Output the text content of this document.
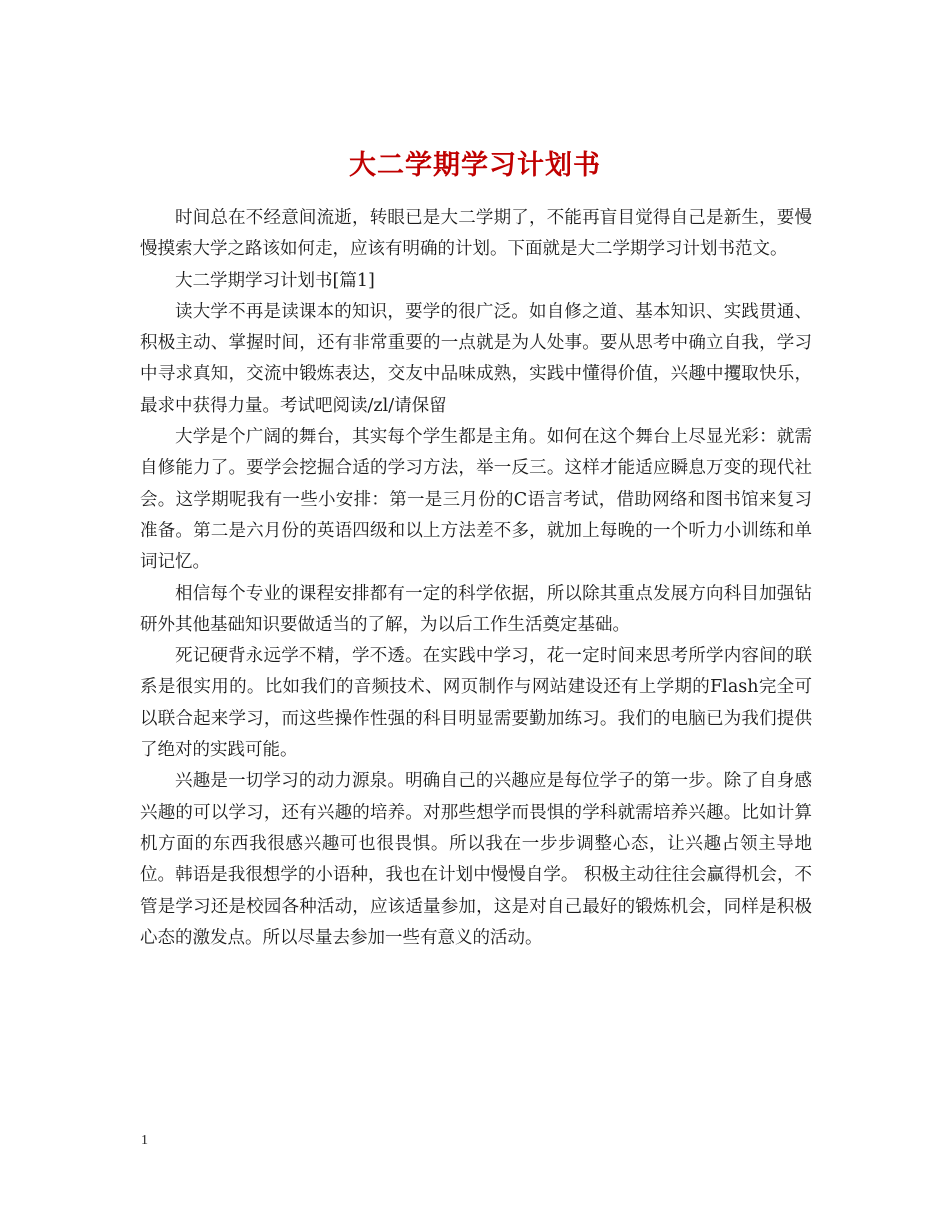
大二学期学习计划书

时间总在不经意间流逝，转眼已是大二学期了，不能再盲目觉得自己是新生，要慢慢摸索大学之路该如何走，应该有明确的计划。下面就是大二学期学习计划书范文。

大二学期学习计划书[篇1]

读大学不再是读课本的知识，要学的很广泛。如自修之道、基本知识、实践贯通、积极主动、掌握时间，还有非常重要的一点就是为人处事。要从思考中确立自我，学习中寻求真知，交流中锻炼表达，交友中品味成熟，实践中懂得价值，兴趣中攫取快乐，最求中获得力量。考试吧阅读/zl/请保留

大学是个广阔的舞台，其实每个学生都是主角。如何在这个舞台上尽显光彩：就需自修能力了。要学会挖掘合适的学习方法，举一反三。这样才能适应瞬息万变的现代社会。这学期呢我有一些小安排：第一是三月份的C语言考试，借助网络和图书馆来复习准备。第二是六月份的英语四级和以上方法差不多，就加上每晚的一个听力小训练和单词记忆。

相信每个专业的课程安排都有一定的科学依据，所以除其重点发展方向科目加强钻研外其他基础知识要做适当的了解，为以后工作生活奠定基础。

死记硬背永远学不精，学不透。在实践中学习，花一定时间来思考所学内容间的联系是很实用的。比如我们的音频技术、网页制作与网站建设还有上学期的Flash完全可以联合起来学习，而这些操作性强的科目明显需要勤加练习。我们的电脑已为我们提供了绝对的实践可能。

兴趣是一切学习的动力源泉。明确自己的兴趣应是每位学子的第一步。除了自身感兴趣的可以学习，还有兴趣的培养。对那些想学而畏惧的学科就需培养兴趣。比如计算机方面的东西我很感兴趣可也很畏惧。所以我在一步步调整心态，让兴趣占领主导地位。韩语是我很想学的小语种，我也在计划中慢慢自学。 积极主动往往会赢得机会，不管是学习还是校园各种活动，应该适量参加，这是对自己最好的锻炼机会，同样是积极心态的激发点。所以尽量去参加一些有意义的活动。

1
